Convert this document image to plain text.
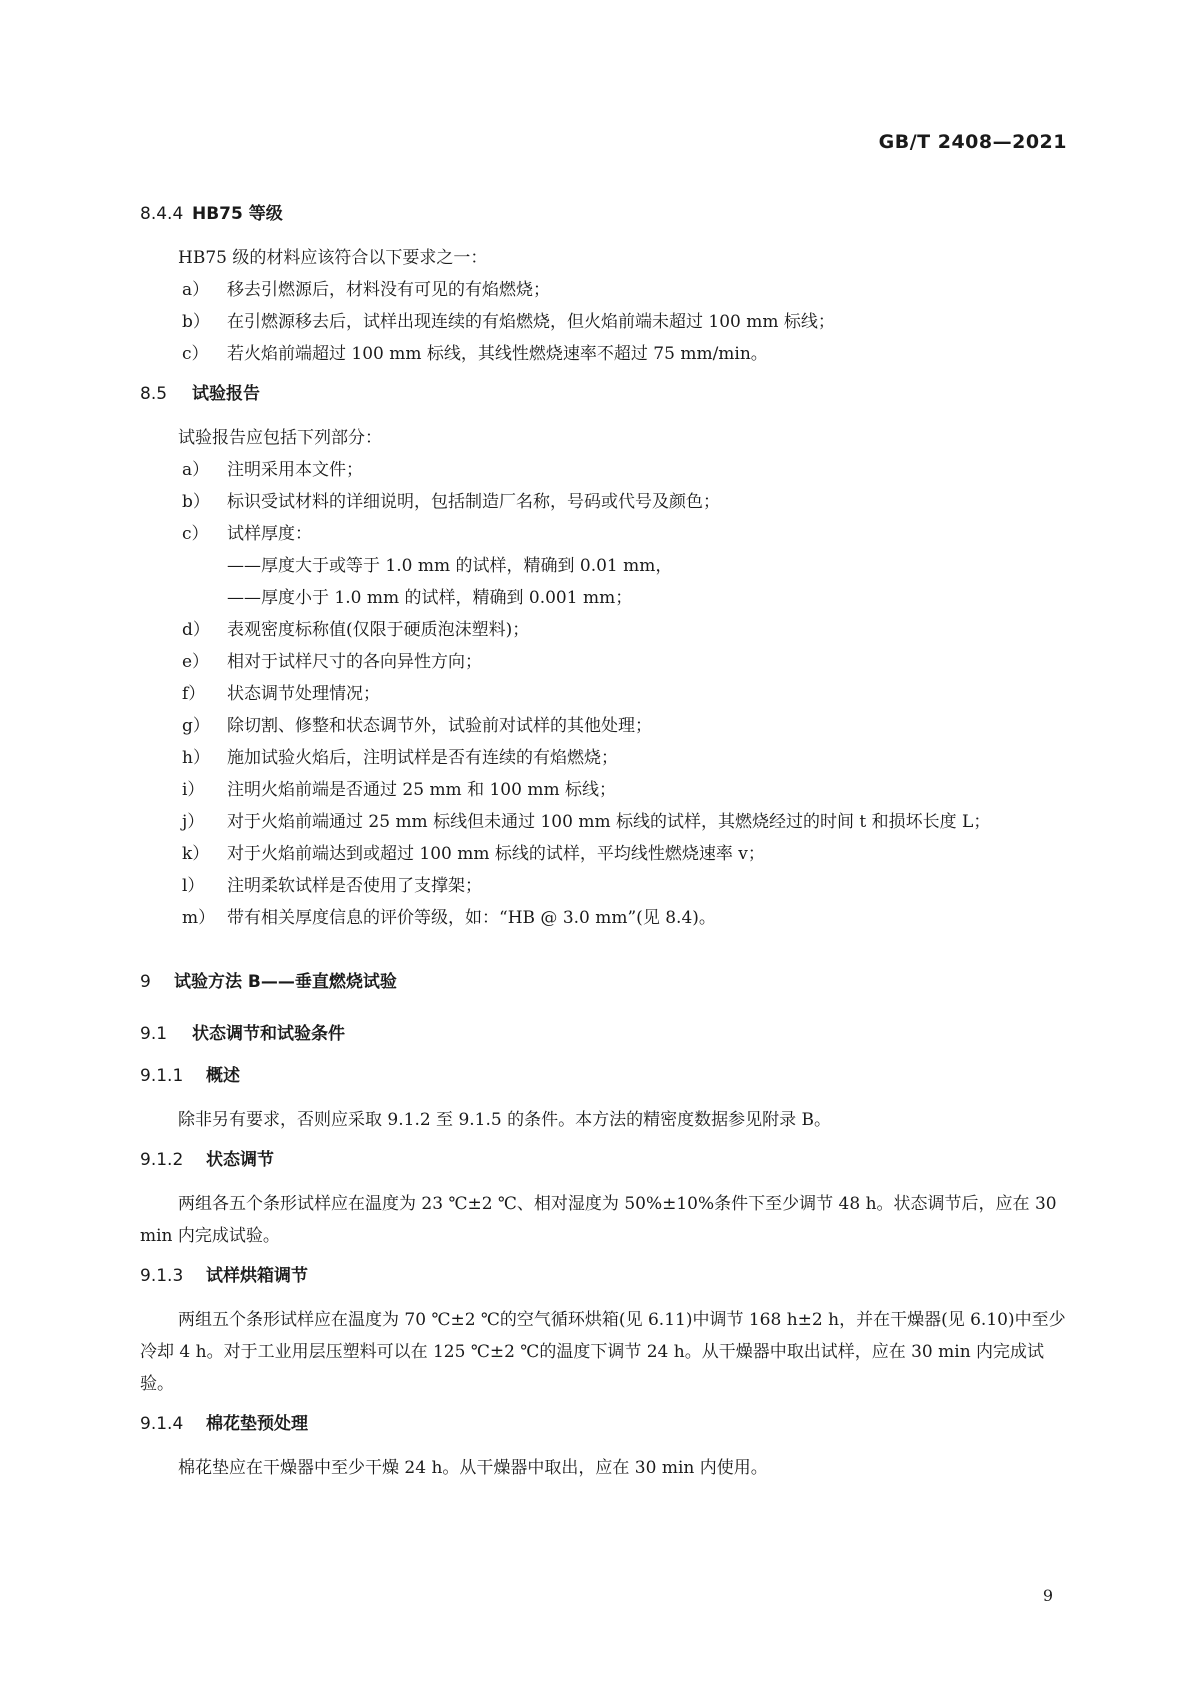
GB/T 2408—2021
8.4.4 HB75 等级

HB75 级的材料应该符合以下要求之一：

a）	移去引燃源后，材料没有可见的有焰燃烧；
b）	在引燃源移去后，试样出现连续的有焰燃烧，但火焰前端未超过 100 mm 标线；
c）	若火焰前端超过 100 mm 标线，其线性燃烧速率不超过 75 mm/min。
8.5	试验报告

试验报告应包括下列部分：

a）	注明采用本文件；
b）	标识受试材料的详细说明，包括制造厂名称，号码或代号及颜色；
c）	试样厚度：
——厚度大于或等于 1.0 mm 的试样，精确到 0.01 mm，
——厚度小于 1.0 mm 的试样，精确到 0.001 mm；
d）	表观密度标称值(仅限于硬质泡沫塑料)；
e）	相对于试样尺寸的各向异性方向；
f）	状态调节处理情况；
g）	除切割、修整和状态调节外，试验前对试样的其他处理；
h）	施加试验火焰后，注明试样是否有连续的有焰燃烧；
i）	注明火焰前端是否通过 25 mm 和 100 mm 标线；
j）	对于火焰前端通过 25 mm 标线但未通过 100 mm 标线的试样，其燃烧经过的时间 t 和损坏长度 L；
k）	对于火焰前端达到或超过 100 mm 标线的试样，平均线性燃烧速率 v；
l）	注明柔软试样是否使用了支撑架；
m） 带有相关厚度信息的评价等级，如：“HB @ 3.0 mm”(见 8.4)。
9	试验方法 B——垂直燃烧试验
9.1	状态调节和试验条件
9.1.1	概述

除非另有要求，否则应采取 9.1.2 至 9.1.5 的条件。本方法的精密度数据参见附录 B。

9.1.2	状态调节

两组各五个条形试样应在温度为 23 ℃±2 ℃、相对湿度为 50%±10%条件下至少调节 48 h。状态调节后，应在 30 min 内完成试验。

9.1.3	试样烘箱调节

两组五个条形试样应在温度为 70 ℃±2 ℃的空气循环烘箱(见 6.11)中调节 168 h±2 h，并在干燥器(见 6.10)中至少冷却 4 h。对于工业用层压塑料可以在 125 ℃±2 ℃的温度下调节 24 h。从干燥器中取出试样，应在 30 min 内完成试验。

9.1.4	棉花垫预处理

棉花垫应在干燥器中至少干燥 24 h。从干燥器中取出，应在 30 min 内使用。

9
